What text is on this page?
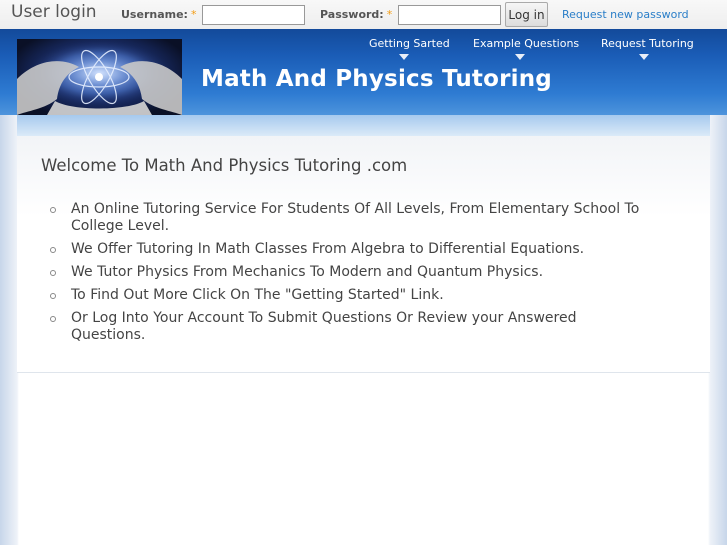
User login Username: *	Password: *	Log in	Request new password
Math And Physics Tutoring
Getting Sarted Example Questions Request Tutoring
Welcome To Math And Physics Tutoring .com
An Online Tutoring Service For Students Of All Levels, From Elementary School To College Level.
We Offer Tutoring In Math Classes From Algebra to Differential Equations.
We Tutor Physics From Mechanics To Modern and Quantum Physics.
To Find Out More Click On The "Getting Started" Link.
Or Log Into Your Account To Submit Questions Or Review your Answered Questions.
